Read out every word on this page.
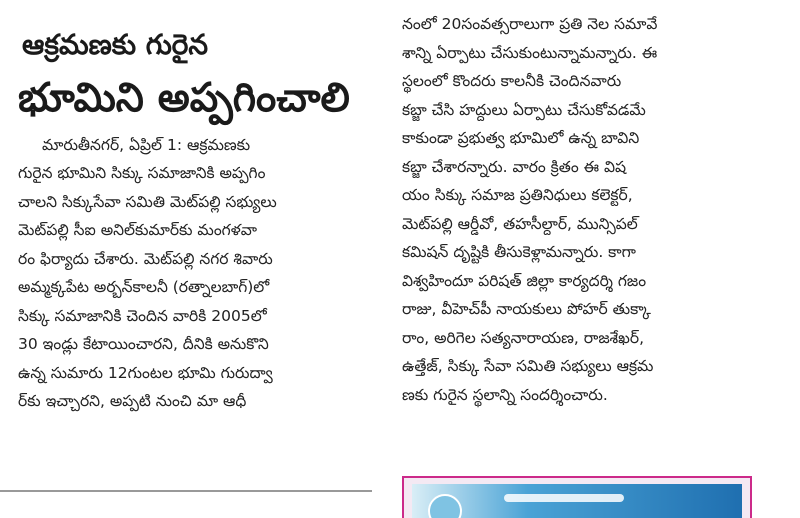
ఆక్రమణకు గురైన
భూమిని అప్పగించాలి
మారుతీనగర్, ఏప్రిల్ 1: ఆక్రమణకు
గురైన భూమిని సిక్కు సమాజానికి అప్పగిం
చాలని సిక్కుసేవా సమితి మెట్‌పల్లి సభ్యులు
మెట్‌పల్లి సీఐ అనిల్‌కుమార్‌కు మంగళవా
రం ఫిర్యాదు చేశారు. మెట్‌పల్లి నగర శివారు
అమ్మక్కపేట అర్బన్‌కాలనీ (రత్నాలబాగ్)లో
సిక్కు సమాజానికి చెందిన వారికి 2005లో
30 ఇండ్లు కేటాయించారని, దీనికి అనుకొని
ఉన్న సుమారు 12గుంటల భూమి గురుద్వా
ర్‌కు ఇచ్చారని, అప్పటి నుంచి మా ఆధీ
నంలో 20సంవత్సరాలుగా ప్రతి నెల సమావే
శాన్ని ఏర్పాటు చేసుకుంటున్నామన్నారు. ఈ
స్థలంలో కొందరు కాలనీకి చెందినవారు
కబ్జా చేసి హద్దులు ఏర్పాటు చేసుకోవడమే
కాకుండా ప్రభుత్వ భూమిలో ఉన్న బావిని
కబ్జా చేశారన్నారు. వారం క్రితం ఈ విష
యం సిక్కు సమాజ ప్రతినిధులు కలెక్టర్,
మెట్‌పల్లి ఆర్డీవో, తహసీల్దార్, మున్సిపల్
కమిషన్ దృష్టికి తీసుకెళ్లామన్నారు. కాగా
విశ్వహిందూ పరిషత్ జిల్లా కార్యదర్శి గజం
రాజు, వీహెచ్‌పీ నాయకులు పోహర్ తుక్కా
రాం, అరిగెల సత్యనారాయణ, రాజశేఖర్,
ఉత్తేజ్, సిక్కు సేవా సమితి సభ్యులు ఆక్రమ
ణకు గురైన స్థలాన్ని సందర్శించారు.
